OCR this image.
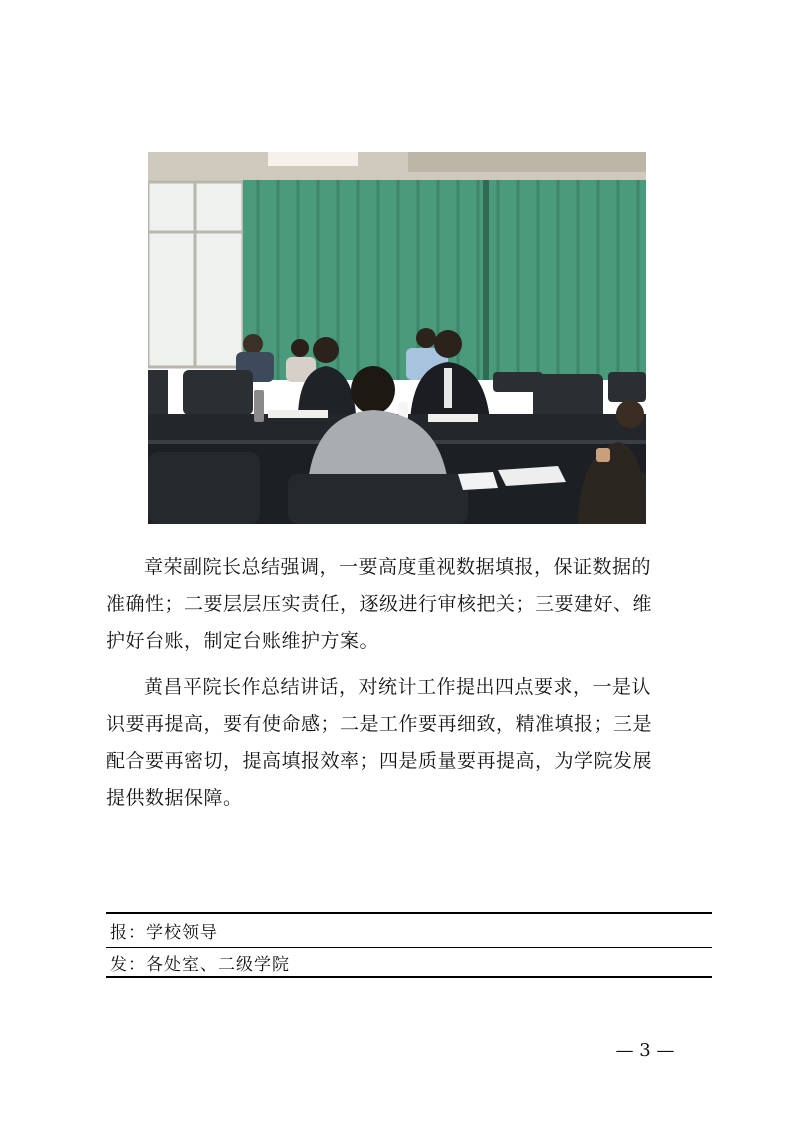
章荣副院长总结强调，一要高度重视数据填报，保证数据的准确性；二要层层压实责任，逐级进行审核把关；三要建好、维护好台账，制定台账维护方案。

黄昌平院长作总结讲话，对统计工作提出四点要求，一是认识要再提高，要有使命感；二是工作要再细致，精准填报；三是配合要再密切，提高填报效率；四是质量要再提高，为学院发展提供数据保障。

报：学校领导
发：各处室、二级学院
— 3 —
